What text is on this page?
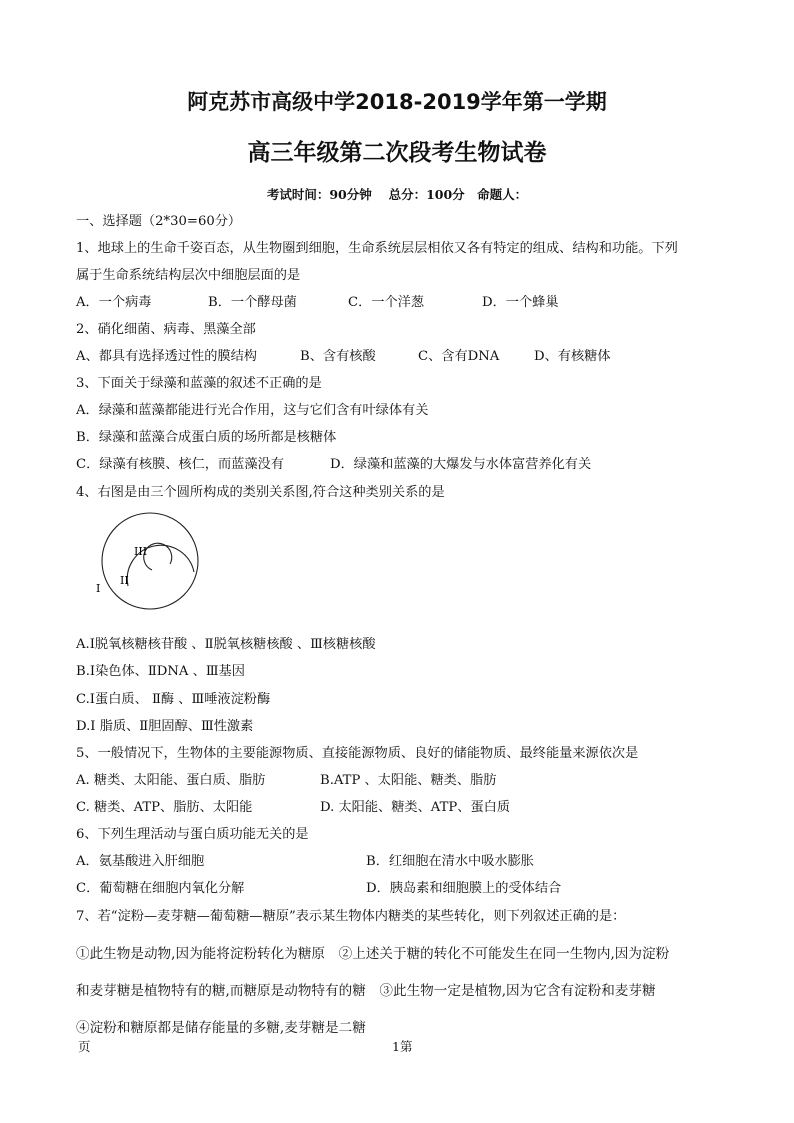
阿克苏市高级中学2018-2019学年第一学期
高三年级第二次段考生物试卷
考试时间：90分钟　 总分：100分　命题人：
一、选择题（2*30=60分）
1、地球上的生命千姿百态，从生物圈到细胞，生命系统层层相依又各有特定的组成、结构和功能。下列
属于生命系统结构层次中细胞层面的是
A．一个病毒	B．一个酵母菌	C．一个洋葱	D．一个蜂巢
2、硝化细菌、病毒、黑藻全部
A、都具有选择透过性的膜结构	B、含有核酸	C、含有DNA	D、有核糖体
3、下面关于绿藻和蓝藻的叙述不正确的是
A．绿藻和蓝藻都能进行光合作用，这与它们含有叶绿体有关
B．绿藻和蓝藻合成蛋白质的场所都是核糖体
C．绿藻有核膜、核仁，而蓝藻没有	D．绿藻和蓝藻的大爆发与水体富营养化有关
4、右图是由三个圆所构成的类别关系图,符合这种类别关系的是
I
II
III
A.Ⅰ脱氧核糖核苷酸 、Ⅱ脱氧核糖核酸 、Ⅲ核糖核酸
B.Ⅰ染色体、ⅡDNA 、Ⅲ基因
C.Ⅰ蛋白质、 Ⅱ酶 、Ⅲ唾液淀粉酶
D.Ⅰ 脂质、Ⅱ胆固醇、Ⅲ性激素
5、一般情况下，生物体的主要能源物质、直接能源物质、良好的储能物质、最终能量来源依次是
A. 糖类、太阳能、蛋白质、脂肪	B.ATP 、太阳能、糖类、脂肪
C. 糖类、ATP、脂肪、太阳能	D. 太阳能、糖类、ATP、蛋白质
6、下列生理活动与蛋白质功能无关的是
A．氨基酸进入肝细胞	B．红细胞在清水中吸水膨胀
C．葡萄糖在细胞内氧化分解	D．胰岛素和细胞膜上的受体结合
7、若“淀粉—麦芽糖—葡萄糖—糖原”表示某生物体内糖类的某些转化，则下列叙述正确的是：
①此生物是动物,因为能将淀粉转化为糖原　②上述关于糖的转化不可能发生在同一生物内,因为淀粉
和麦芽糖是植物特有的糖,而糖原是动物特有的糖　③此生物一定是植物,因为它含有淀粉和麦芽糖
④淀粉和糖原都是储存能量的多糖,麦芽糖是二糖
页	1第
